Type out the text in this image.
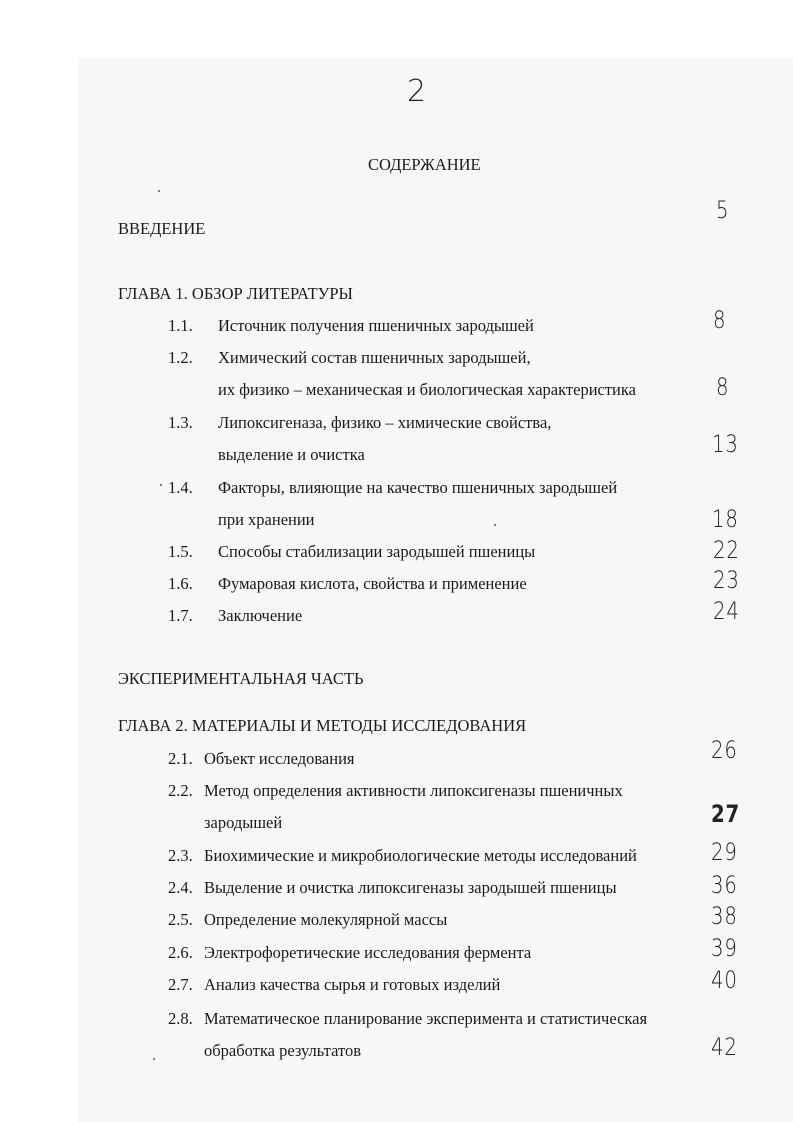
2
СОДЕРЖАНИЕ
ВВЕДЕНИЕ
5
ГЛАВА 1. ОБЗОР ЛИТЕРАТУРЫ
1.1. Источник получения пшеничных зародышей	8
1.2. Химический состав пшеничных зародышей,
их физико – механическая и биологическая характеристика	8
1.3. Липоксигеназа, физико – химические свойства,
выделение и очистка	13
1.4. Факторы, влияющие на качество пшеничных зародышей
при хранении	18
1.5. Способы стабилизации зародышей пшеницы	22
1.6. Фумаровая кислота, свойства и применение	23
1.7. Заключение	24
ЭКСПЕРИМЕНТАЛЬНАЯ ЧАСТЬ
ГЛАВА 2. МАТЕРИАЛЫ И МЕТОДЫ ИССЛЕДОВАНИЯ
2.1. Объект исследования	26
2.2. Метод определения активности липоксигеназы пшеничных
зародышей	27
2.3. Биохимические и микробиологические методы исследований	29
2.4. Выделение и очистка липоксигеназы зародышей пшеницы	36
2.5. Определение молекулярной массы	38
2.6. Электрофоретические исследования фермента	39
2.7. Анализ качества сырья и готовых изделий	40
2.8. Математическое планирование эксперимента и статистическая
обработка результатов	42
